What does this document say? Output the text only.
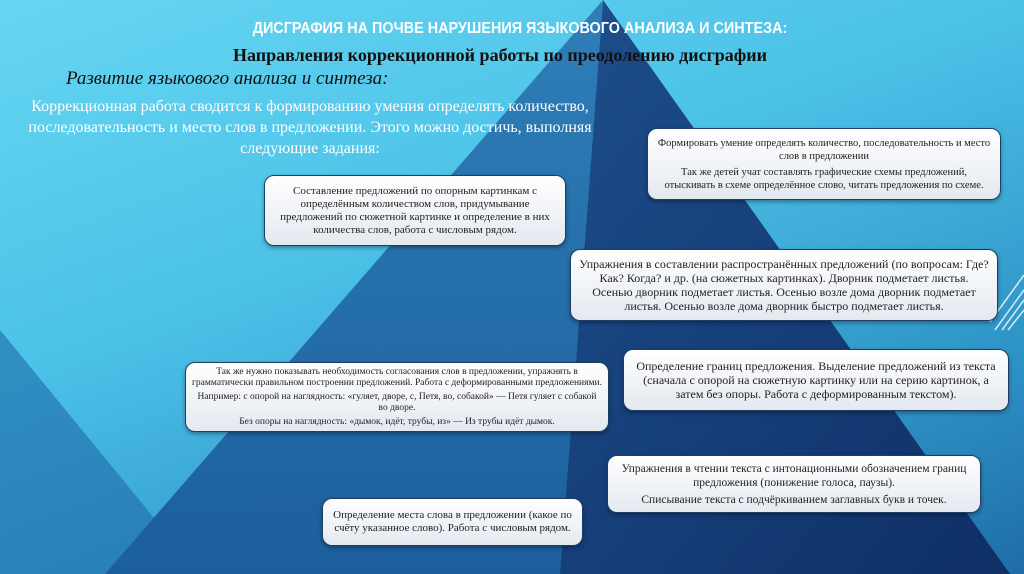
ДИСГРАФИЯ НА ПОЧВЕ НАРУШЕНИЯ ЯЗЫКОВОГО АНАЛИЗА И СИНТЕЗА:
Направления коррекционной работы по преодолению дисграфии
Развитие языкового анализа и синтеза:
Коррекционная работа сводится к формированию умения определять количество, последовательность и место слов в предложении. Этого можно достичь, выполняя следующие задания:

Составление предложений по опорным картинкам с определённым количеством слов, придумывание предложений по сюжетной картинке и определение в них количества слов, работа с числовым рядом.

Формировать умение определять количество, последовательность и место слов в предложении

Так же детей учат составлять графические схемы предложений, отыскивать в схеме определённое слово, читать предложения по схеме.

Упражнения в составлении распространённых предложений (по вопросам: Где? Как? Когда? и др. (на сюжетных картинках). Дворник подметает листья. Осенью дворник подметает листья. Осенью возле дома дворник подметает листья. Осенью возле дома дворник быстро подметает листья.

Так же нужно показывать необходимость согласования слов в предложении, упражнять в грамматически правильном построении предложений. Работа с деформированными предложениями.

Например: с опорой на наглядность: «гуляет, дворе, с, Петя, во, собакой» — Петя гуляет с собакой во дворе.

Без опоры на наглядность: «дымок, идёт, трубы, из» — Из трубы идёт дымок.

Определение границ предложения. Выделение предложений из текста (сначала с опорой на сюжетную картинку или на серию картинок, а затем без опоры. Работа с деформированным текстом).

Упражнения в чтении текста с интонационными обозначением границ предложения (понижение голоса, паузы).

Списывание текста с подчёркиванием заглавных букв и точек.

Определение места слова в предложении (какое по счёту указанное слово). Работа с числовым рядом.
